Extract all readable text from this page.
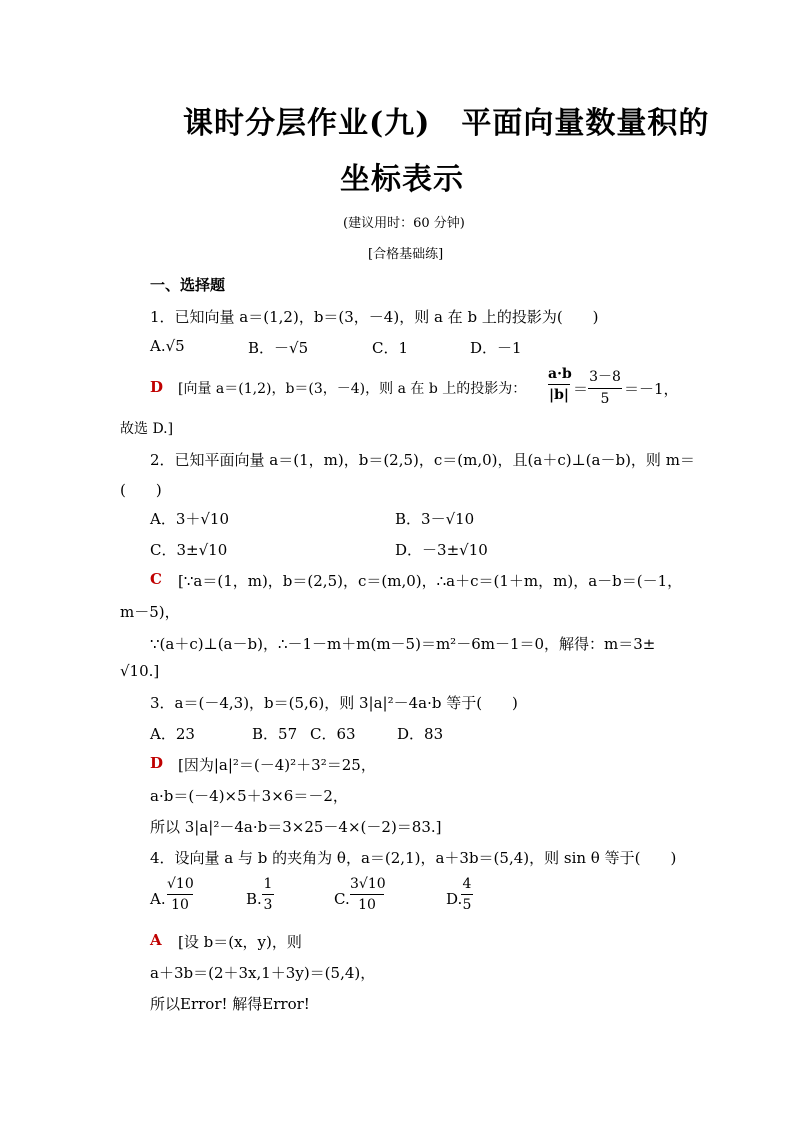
课时分层作业(九)　平面向量数量积的
坐标表示
(建议用时：60 分钟)
[合格基础练]
一、选择题
1．已知向量 a＝(1,2)，b＝(3，－4)，则 a 在 b 上的投影为(　　)
A.√5	B．－√5	C．1	D．－1
D [向量 a＝(1,2)，b＝(3，－4)，则 a 在 b 上的投影为：
a·b
|b| ＝
3－8
5
＝－1，
故选 D.]
2．已知平面向量 a＝(1，m)，b＝(2,5)，c＝(m,0)，且(a＋c)⊥(a－b)，则 m＝
(　　)
A．3＋√10	B．3－√10
C．3±√10	D．－3±√10
C [∵a＝(1，m)，b＝(2,5)，c＝(m,0)，∴a＋c＝(1＋m，m)，a－b＝(－1，
m－5)，
∵(a＋c)⊥(a－b)，∴－1－m＋m(m－5)＝m²－6m－1＝0，解得：m＝3±
√10.]
3．a＝(－4,3)，b＝(5,6)，则 3|a|²－4a·b 等于(　　)
A．23	B．57 C．63	D．83
D [因为|a|²＝(－4)²＋3²＝25，
a·b＝(－4)×5＋3×6＝－2，
所以 3|a|²－4a·b＝3×25－4×(－2)＝83.]
4．设向量 a 与 b 的夹角为 θ，a＝(2,1)，a＋3b＝(5,4)，则 sin θ 等于(　　)
A.
√10
10	B.
1
3	C.
3√10
10	D.
4
5
A [设 b＝(x，y)，则
a＋3b＝(2＋3x,1＋3y)＝(5,4)，
所以Error! 解得Error!
